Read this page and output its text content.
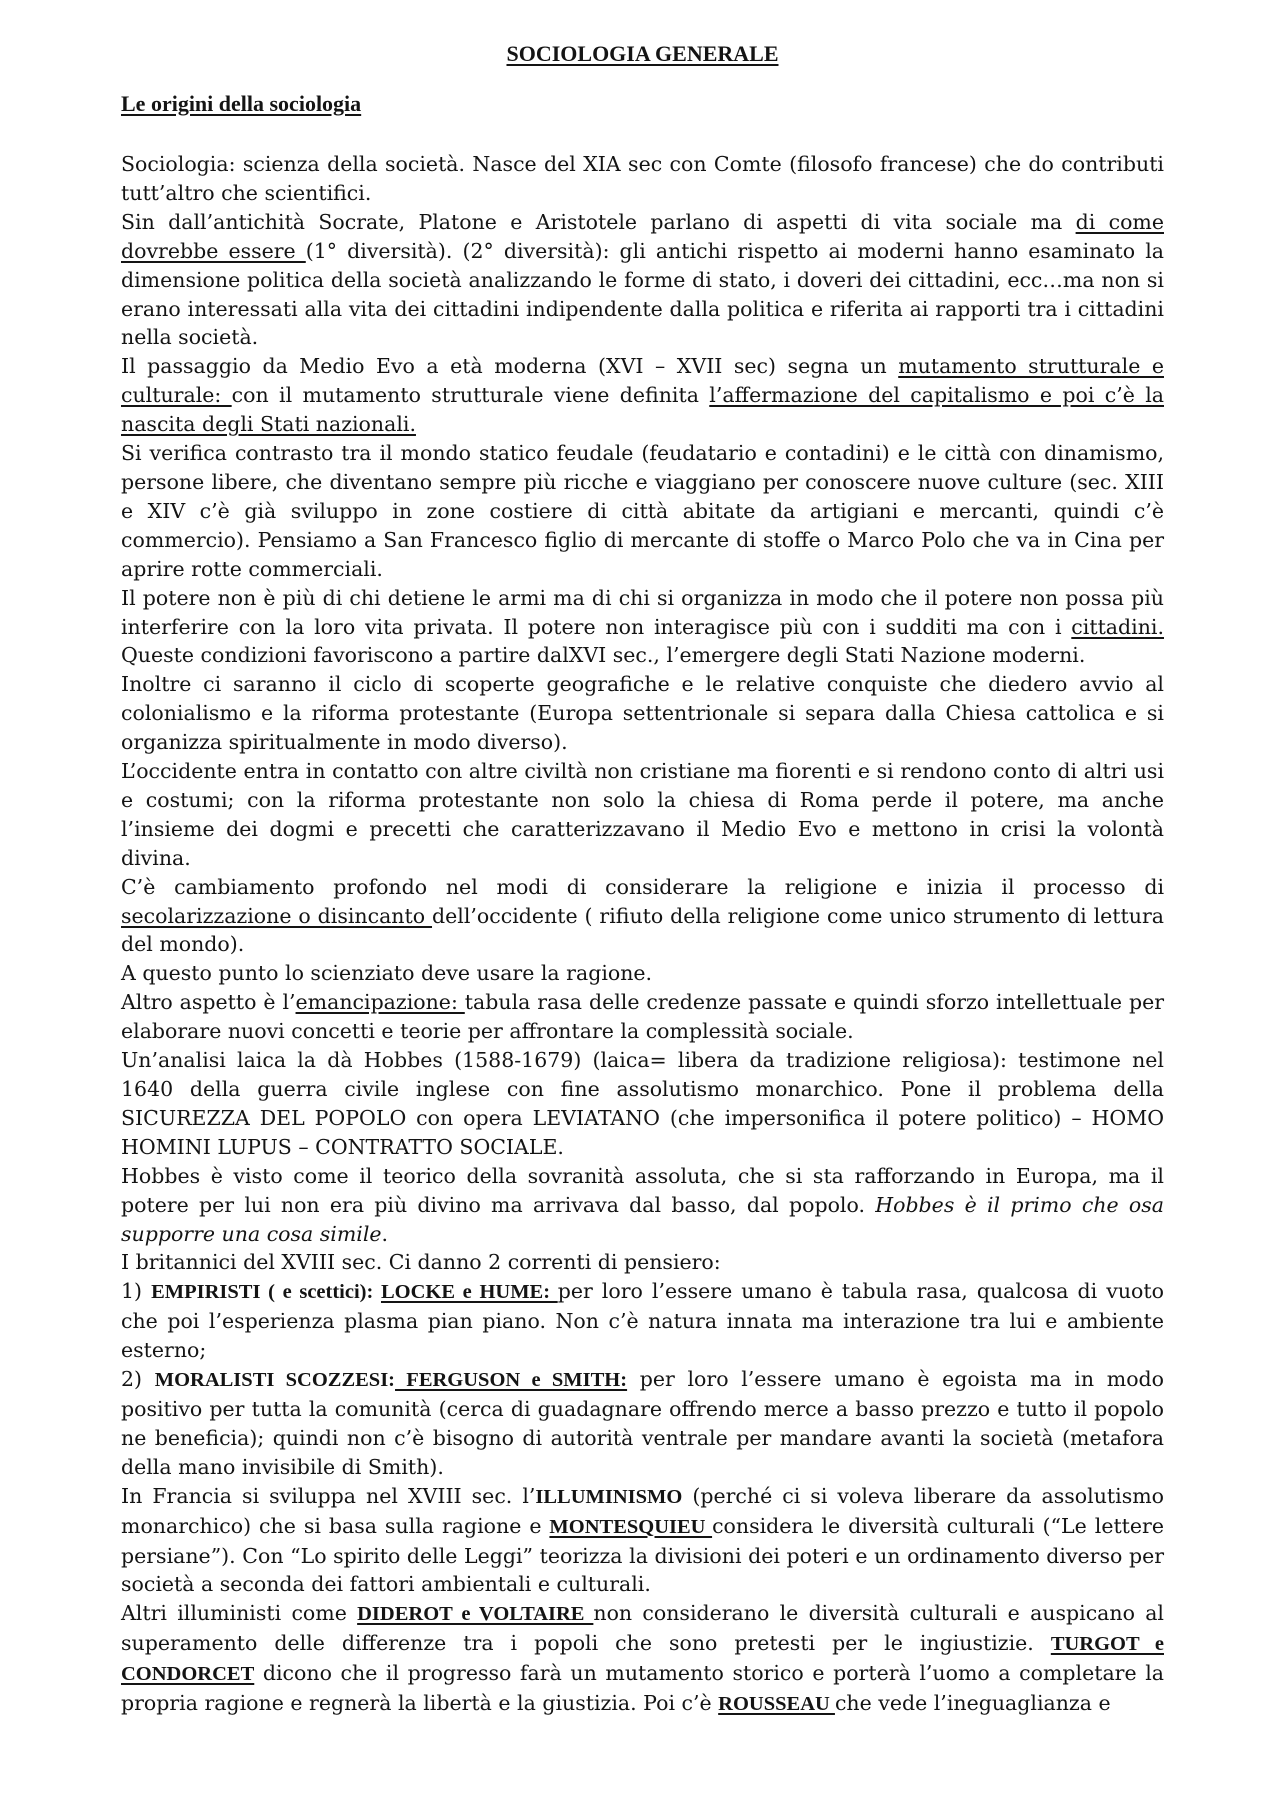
SOCIOLOGIA GENERALE
Le origini della sociologia

Sociologia: scienza della società. Nasce del XIA sec con Comte (filosofo francese) che do contributi tutt’altro che scientifici.

Sin dall’antichità Socrate, Platone e Aristotele parlano di aspetti di vita sociale ma di come dovrebbe essere (1° diversità). (2° diversità): gli antichi rispetto ai moderni hanno esaminato la dimensione politica della società analizzando le forme di stato, i doveri dei cittadini, ecc…ma non si erano interessati alla vita dei cittadini indipendente dalla politica e riferita ai rapporti tra i cittadini nella società.

Il passaggio da Medio Evo a età moderna (XVI – XVII sec) segna un mutamento strutturale e culturale: con il mutamento strutturale viene definita l’affermazione del capitalismo e poi c’è la nascita degli Stati nazionali.

Si verifica contrasto tra il mondo statico feudale (feudatario e contadini) e le città con dinamismo, persone libere, che diventano sempre più ricche e viaggiano per conoscere nuove culture (sec. XIII e XIV c’è già sviluppo in zone costiere di città abitate da artigiani e mercanti, quindi c’è commercio). Pensiamo a San Francesco figlio di mercante di stoffe o Marco Polo che va in Cina per aprire rotte commerciali.

Il potere non è più di chi detiene le armi ma di chi si organizza in modo che il potere non possa più interferire con la loro vita privata. Il potere non interagisce più con i sudditi ma con i cittadini. Queste condizioni favoriscono a partire dalXVI sec., l’emergere degli Stati Nazione moderni.

Inoltre ci saranno il ciclo di scoperte geografiche e le relative conquiste che diedero avvio al colonialismo e la riforma protestante (Europa settentrionale si separa dalla Chiesa cattolica e si organizza spiritualmente in modo diverso).

L’occidente entra in contatto con altre civiltà non cristiane ma fiorenti e si rendono conto di altri usi e costumi; con la riforma protestante non solo la chiesa di Roma perde il potere, ma anche l’insieme dei dogmi e precetti che caratterizzavano il Medio Evo e mettono in crisi la volontà divina.

C’è cambiamento profondo nel modi di considerare la religione e inizia il processo di secolarizzazione o disincanto dell’occidente ( rifiuto della religione come unico strumento di lettura del mondo).

A questo punto lo scienziato deve usare la ragione.

Altro aspetto è l’emancipazione: tabula rasa delle credenze passate e quindi sforzo intellettuale per elaborare nuovi concetti e teorie per affrontare la complessità sociale.

Un’analisi laica la dà Hobbes (1588-1679) (laica= libera da tradizione religiosa): testimone nel 1640 della guerra civile inglese con fine assolutismo monarchico. Pone il problema della SICUREZZA DEL POPOLO con opera LEVIATANO (che impersonifica il potere politico) – HOMO HOMINI LUPUS – CONTRATTO SOCIALE.

Hobbes è visto come il teorico della sovranità assoluta, che si sta rafforzando in Europa, ma il potere per lui non era più divino ma arrivava dal basso, dal popolo. Hobbes è il primo che osa supporre una cosa simile.

I britannici del XVIII sec. Ci danno 2 correnti di pensiero:

1) EMPIRISTI ( e scettici): LOCKE e HUME: per loro l’essere umano è tabula rasa, qualcosa di vuoto che poi l’esperienza plasma pian piano. Non c’è natura innata ma interazione tra lui e ambiente esterno;

2) MORALISTI SCOZZESI: FERGUSON e SMITH: per loro l’essere umano è egoista ma in modo positivo per tutta la comunità (cerca di guadagnare offrendo merce a basso prezzo e tutto il popolo ne beneficia); quindi non c’è bisogno di autorità ventrale per mandare avanti la società (metafora della mano invisibile di Smith).

In Francia si sviluppa nel XVIII sec. l’ILLUMINISMO (perché ci si voleva liberare da assolutismo monarchico) che si basa sulla ragione e MONTESQUIEU considera le diversità culturali (“Le lettere persiane”). Con “Lo spirito delle Leggi” teorizza la divisioni dei poteri e un ordinamento diverso per società a seconda dei fattori ambientali e culturali.

Altri illuministi come DIDEROT e VOLTAIRE non considerano le diversità culturali e auspicano al superamento delle differenze tra i popoli che sono pretesti per le ingiustizie. TURGOT e CONDORCET dicono che il progresso farà un mutamento storico e porterà l’uomo a completare la propria ragione e regnerà la libertà e la giustizia. Poi c’è ROUSSEAU che vede l’ineguaglianza e
